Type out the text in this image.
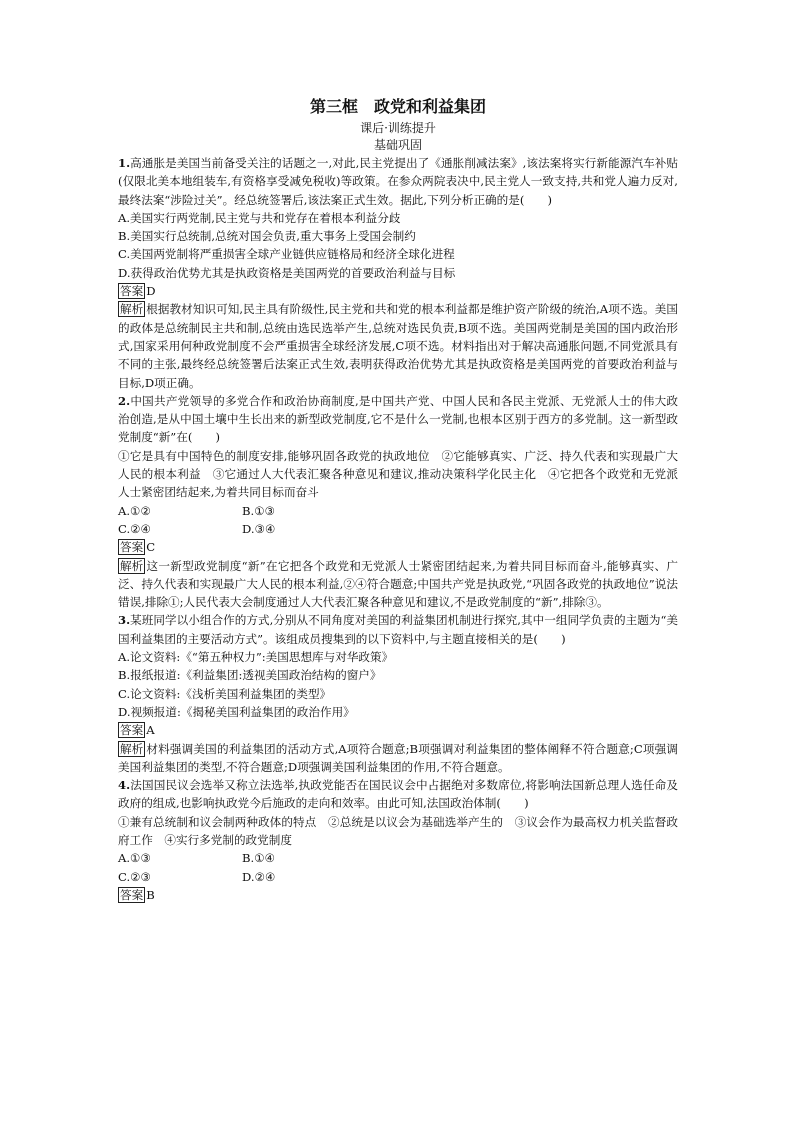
第三框　政党和利益集团
课后·训练提升
基础巩固

1.高通胀是美国当前备受关注的话题之一,对此,民主党提出了《通胀削减法案》,该法案将实行新能源汽车补贴(仅限北美本地组装车,有资格享受减免税收)等政策。在参众两院表决中,民主党人一致支持,共和党人遍力反对,最终法案“涉险过关”。经总统签署后,该法案正式生效。据此,下列分析正确的是(　　)

A.美国实行两党制,民主党与共和党存在着根本利益分歧

B.美国实行总统制,总统对国会负责,重大事务上受国会制约

C.美国两党制将严重损害全球产业链供应链格局和经济全球化进程

D.获得政治优势尤其是执政资格是美国两党的首要政治利益与目标

答案 D

解析 根据教材知识可知,民主具有阶级性,民主党和共和党的根本利益都是维护资产阶级的统治,A项不选。美国的政体是总统制民主共和制,总统由选民选举产生,总统对选民负责,B项不选。美国两党制是美国的国内政治形式,国家采用何种政党制度不会严重损害全球经济发展,C项不选。材料指出对于解决高通胀问题,不同党派具有不同的主张,最终经总统签署后法案正式生效,表明获得政治优势尤其是执政资格是美国两党的首要政治利益与目标,D项正确。

2.中国共产党领导的多党合作和政治协商制度,是中国共产党、中国人民和各民主党派、无党派人士的伟大政治创造,是从中国土壤中生长出来的新型政党制度,它不是什么一党制,也根本区别于西方的多党制。这一新型政党制度“新”在(　　)

①它是具有中国特色的制度安排,能够巩固各政党的执政地位　②它能够真实、广泛、持久代表和实现最广大人民的根本利益　③它通过人大代表汇聚各种意见和建议,推动决策科学化民主化　④它把各个政党和无党派人士紧密团结起来,为着共同目标而奋斗

A.①②	B.①③
C.②④	D.③④

答案 C

解析 这一新型政党制度“新”在它把各个政党和无党派人士紧密团结起来,为着共同目标而奋斗,能够真实、广泛、持久代表和实现最广大人民的根本利益,②④符合题意;中国共产党是执政党,“巩固各政党的执政地位”说法错误,排除①;人民代表大会制度通过人大代表汇聚各种意见和建议,不是政党制度的“新”,排除③。

3.某班同学以小组合作的方式,分别从不同角度对美国的利益集团机制进行探究,其中一组同学负责的主题为“美国利益集团的主要活动方式”。该组成员搜集到的以下资料中,与主题直接相关的是(　　)

A.论文资料:《“第五种权力”:美国思想库与对华政策》

B.报纸报道:《利益集团:透视美国政治结构的窗户》

C.论文资料:《浅析美国利益集团的类型》

D.视频报道:《揭秘美国利益集团的政治作用》

答案 A

解析 材料强调美国的利益集团的活动方式,A项符合题意;B项强调对利益集团的整体阐释不符合题意;C项强调美国利益集团的类型,不符合题意;D项强调美国利益集团的作用,不符合题意。

4.法国国民议会选举又称立法选举,执政党能否在国民议会中占据绝对多数席位,将影响法国新总理人选任命及政府的组成,也影响执政党今后施政的走向和效率。由此可知,法国政治体制(　　)

①兼有总统制和议会制两种政体的特点　②总统是以议会为基础选举产生的　③议会作为最高权力机关监督政府工作　④实行多党制的政党制度

A.①③	B.①④
C.②③	D.②④

答案 B
